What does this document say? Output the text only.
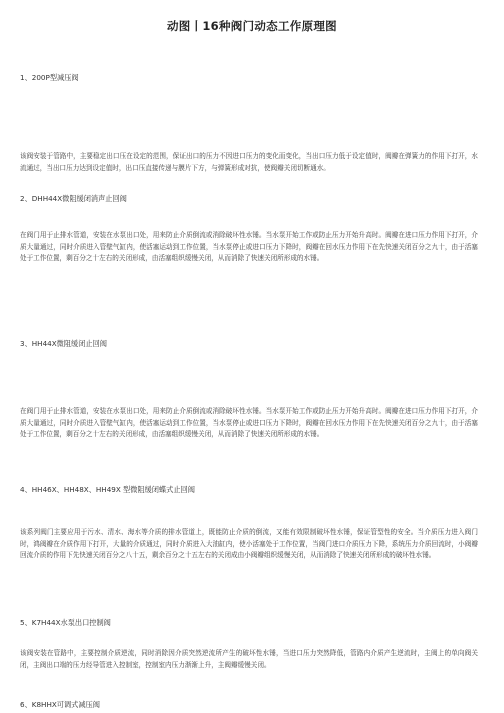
动图丨16种阀门动态工作原理图
1、200P型减压阀
该阀安装于管路中，主要稳定出口压在设定的范围，保证出口的压力不因进口压力的变化而变化，当出口压力低于设定值时，阀瓣在弹簧力的作用下打开，水流通过，当出口压力达到设定值时，出口压直接传递与膜片下方，与弹簧形成对抗，使阀瓣关闭切断通水。
2、DHH44X微阻缓闭消声止回阀
在阀门用于止排水管道，安装在水泵出口处，用来防止介质倒流或消除破坏性水锤。当水泵开始工作或防止压力开始升高时。阀瓣在进口压力作用下打开，介质大量通过，同时介质进入管壁气缸内，使活塞运动到工作位置，当水泵停止或进口压力下降时，阀瓣在回水压力作用下在先快速关闭百分之九十，由于活塞处于工作位置，剩百分之十左右的关闭形成，由活塞组织缓慢关闭，从而消除了快速关闭所形成的水锤。
3、HH44X微阻缓闭止回阀
在阀门用于止排水管道，安装在水泵出口处，用来防止介质倒流或消除破坏性水锤。当水泵开始工作或防止压力开始升高时。阀瓣在进口压力作用下打开，介质大量通过，同时介质进入管壁气缸内，使活塞运动到工作位置，当水泵停止或进口压力下降时，阀瓣在回水压力作用下在先快速关闭百分之九十，由于活塞处于工作位置，剩百分之十左右的关闭形成，由活塞组织缓慢关闭，从而消除了快速关闭所形成的水锤。
4、HH46X、HH48X、HH49X 型微阻缓闭蝶式止回阀
该系列阀门主要应用于污水、清水、海水等介质的排水管道上，既能防止介质的倒流，又能有效限制破坏性水锤，保证管型性的安全。当介质压力进入阀门时，鸿阀瓣在介质作用下打开，大量的介质通过，同时介质进入大油缸内，使小活塞处于工作位置，当阀门进口介质压力下降，系统压力介质回流时，小阀瓣回流介质的作用下先快速关闭百分之八十五，剩余百分之十五左右的关闭成由小阀瓣组织缓慢关闭，从而消除了快速关闭所形成的破坏性水锤。
5、K7H44X水泵出口控制阀
该阀安装在管路中，主要控制介质逆流，同时消除因介质突然逆流所产生的破坏性水锤，当进口压力突然降低，管路内介质产生逆流时，主阀上的单向阀关闭，主阀出口端的压力经导管进入控制室，控制室内压力渐渐上升，主阀瓣缓慢关闭。
6、K8HHX可调式减压阀
